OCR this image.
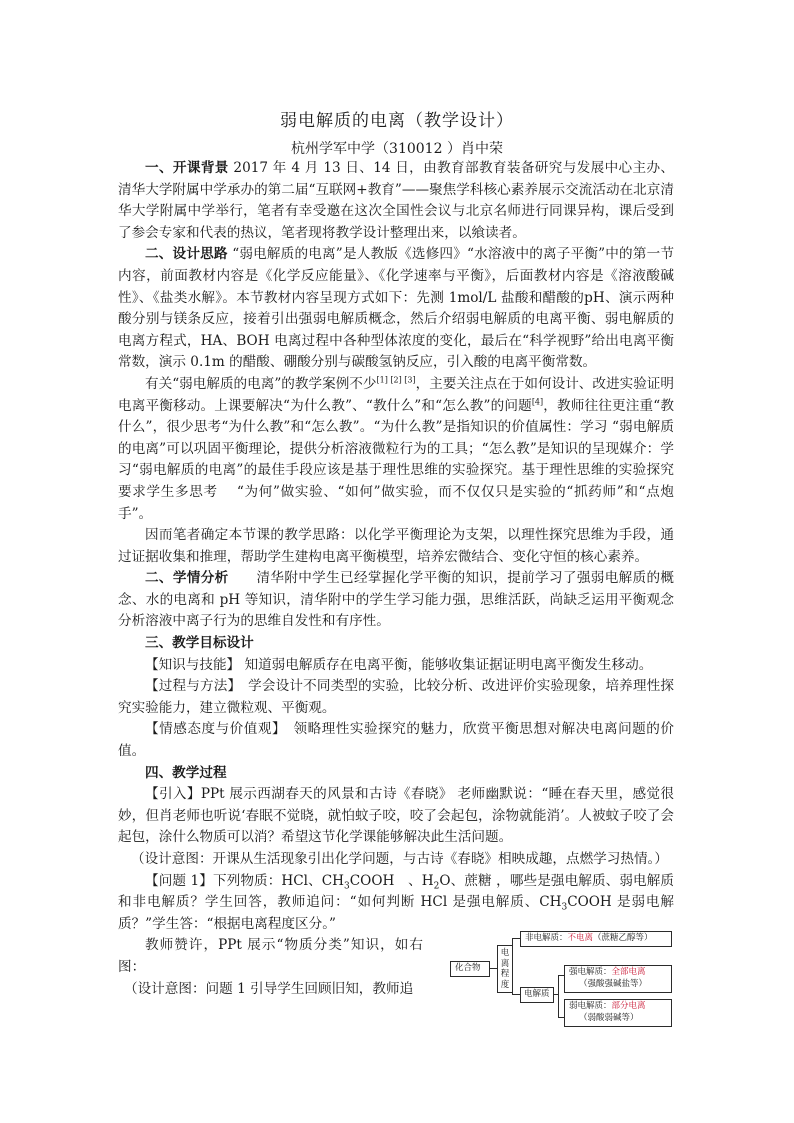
弱电解质的电离（教学设计）
杭州学军中学（310012 ）肖中荣

一、开课背景 2017 年 4 月 13 日、14 日，由教育部教育装备研究与发展中心主办、清华大学附属中学承办的第二届“互联网+教育”——聚焦学科核心素养展示交流活动在北京清华大学附属中学举行，笔者有幸受邀在这次全国性会议与北京名师进行同课异构，课后受到了参会专家和代表的热议，笔者现将教学设计整理出来，以飨读者。

二、设计思路 “弱电解质的电离”是人教版《选修四》“水溶液中的离子平衡”中的第一节内容，前面教材内容是《化学反应能量》、《化学速率与平衡》，后面教材内容是《溶液酸碱性》、《盐类水解》。本节教材内容呈现方式如下：先测 1mol/L 盐酸和醋酸的pH、演示两种酸分别与镁条反应，接着引出强弱电解质概念，然后介绍弱电解质的电离平衡、弱电解质的电离方程式，HA、BOH 电离过程中各种型体浓度的变化，最后在“科学视野”给出电离平衡常数，演示 0.1m 的醋酸、硼酸分别与碳酸氢钠反应，引入酸的电离平衡常数。

有关“弱电解质的电离”的教学案例不少[1] [2] [3]，主要关注点在于如何设计、改进实验证明电离平衡移动。上课要解决“为什么教”、“教什么”和“怎么教”的问题[4]，教师往往更注重“教什么”，很少思考“为什么教”和“怎么教”。“为什么教”是指知识的价值属性：学习 “弱电解质的电离”可以巩固平衡理论，提供分析溶液微粒行为的工具；“怎么教”是知识的呈现媒介：学习“弱电解质的电离”的最佳手段应该是基于理性思维的实验探究。基于理性思维的实验探究要求学生多思考　 “为何”做实验、“如何”做实验，而不仅仅只是实验的“抓药师”和“点炮手”。

因而笔者确定本节课的教学思路：以化学平衡理论为支架，以理性探究思维为手段，通过证据收集和推理，帮助学生建构电离平衡模型，培养宏微结合、变化守恒的核心素养。

二、学情分析　　清华附中学生已经掌握化学平衡的知识，提前学习了强弱电解质的概念、水的电离和 pH 等知识，清华附中的学生学习能力强，思维活跃，尚缺乏运用平衡观念分析溶液中离子行为的思维自发性和有序性。

三、教学目标设计

【知识与技能】 知道弱电解质存在电离平衡，能够收集证据证明电离平衡发生移动。

【过程与方法】　学会设计不同类型的实验，比较分析、改进评价实验现象，培养理性探究实验能力，建立微粒观、平衡观。

【情感态度与价值观】　领略理性实验探究的魅力，欣赏平衡思想对解决电离问题的价值。

四、教学过程

【引入】PPt 展示西湖春天的风景和古诗《春晓》 老师幽默说：“睡在春天里，感觉很妙，但肖老师也听说‘春眠不觉晓，就怕蚊子咬，咬了会起包，涂物就能消’。人被蚊子咬了会起包，涂什么物质可以消？希望这节化学课能够解决此生活问题。

（设计意图：开课从生活现象引出化学问题，与古诗《春晓》相映成趣，点燃学习热情。）

【问题 1】下列物质：HCl、$CH_3COOH$　、$H_2O$、蔗糖 ，哪些是强电解质、弱电解质和非电解质？学生回答，教师追问：“如何判断 HCl 是强电解质、$CH_3COOH$ 是弱电解质？”学生答：“根据电离程度区分。”

教师赞许，PPt 展示“物质分类”知识，如右图：

（设计意图：问题 1 引导学生回顾旧知，教师追

化合物
电离程度
非电解质：不电离（蔗糖乙醇等）
电解质
强电解质：全部电离
（强酸强碱盐等）
弱电解质：部分电离
（弱酸弱碱等）
